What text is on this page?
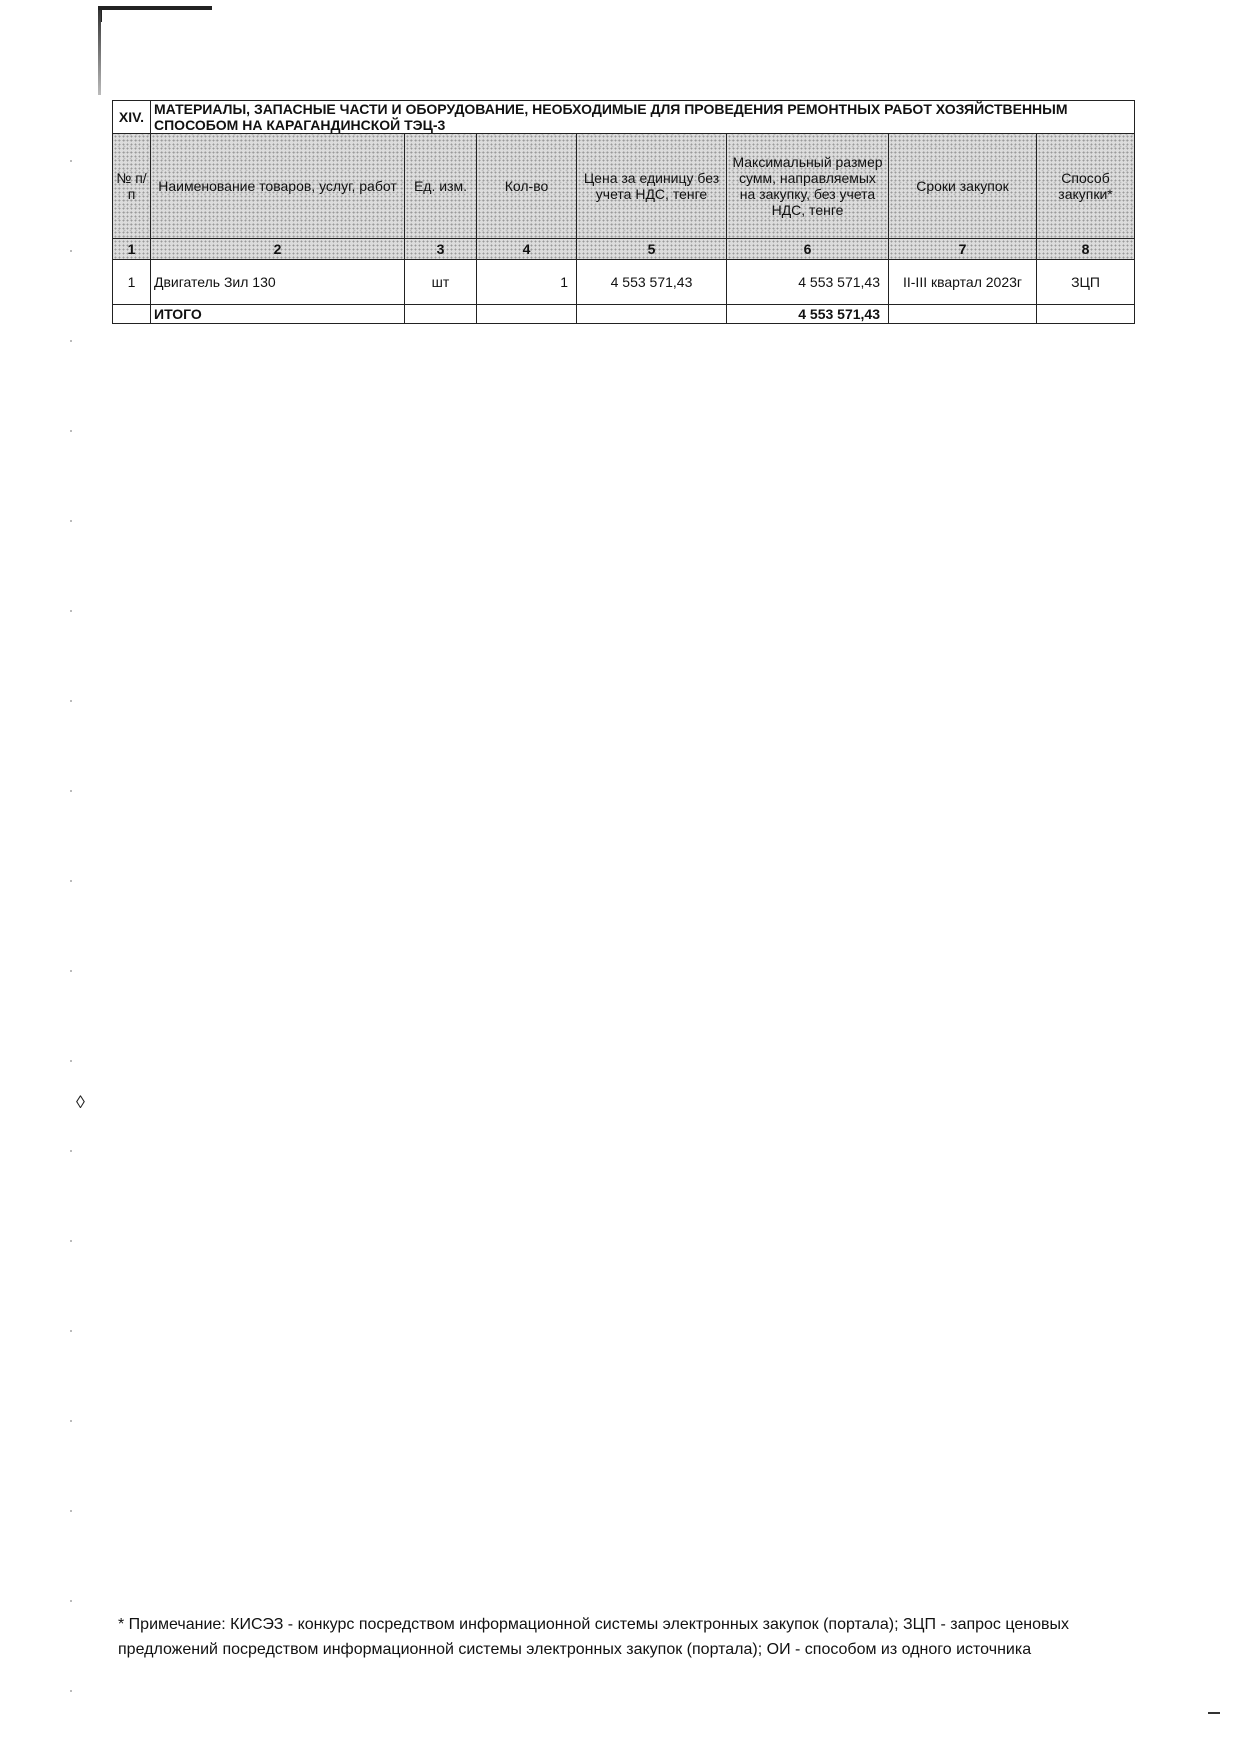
◊
XIV.	МАТЕРИАЛЫ, ЗАПАСНЫЕ ЧАСТИ И ОБОРУДОВАНИЕ, НЕОБХОДИМЫЕ ДЛЯ ПРОВЕДЕНИЯ РЕМОНТНЫХ РАБОТ ХОЗЯЙСТВЕННЫМ СПОСОБОМ НА КАРАГАНДИНСКОЙ ТЭЦ-3						
№ п/п	Наименование товаров, услуг, работ	Ед. изм.	Кол-во	Цена за единицу без учета НДС, тенге	Максимальный размер сумм, направляемых на закупку, без учета НДС, тенге	Сроки закупок	Способ закупки*
1	2	3	4	5	6	7	8
1	Двигатель Зил 130	шт	1	4 553 571,43	4 553 571,43	II-III квартал 2023г	ЗЦП
	ИТОГО				4 553 571,43		
* Примечание: КИСЭЗ - конкурс посредством информационной системы электронных закупок (портала); ЗЦП - запрос ценовых предложений посредством информационной системы электронных закупок (портала); ОИ - способом из одного источника
